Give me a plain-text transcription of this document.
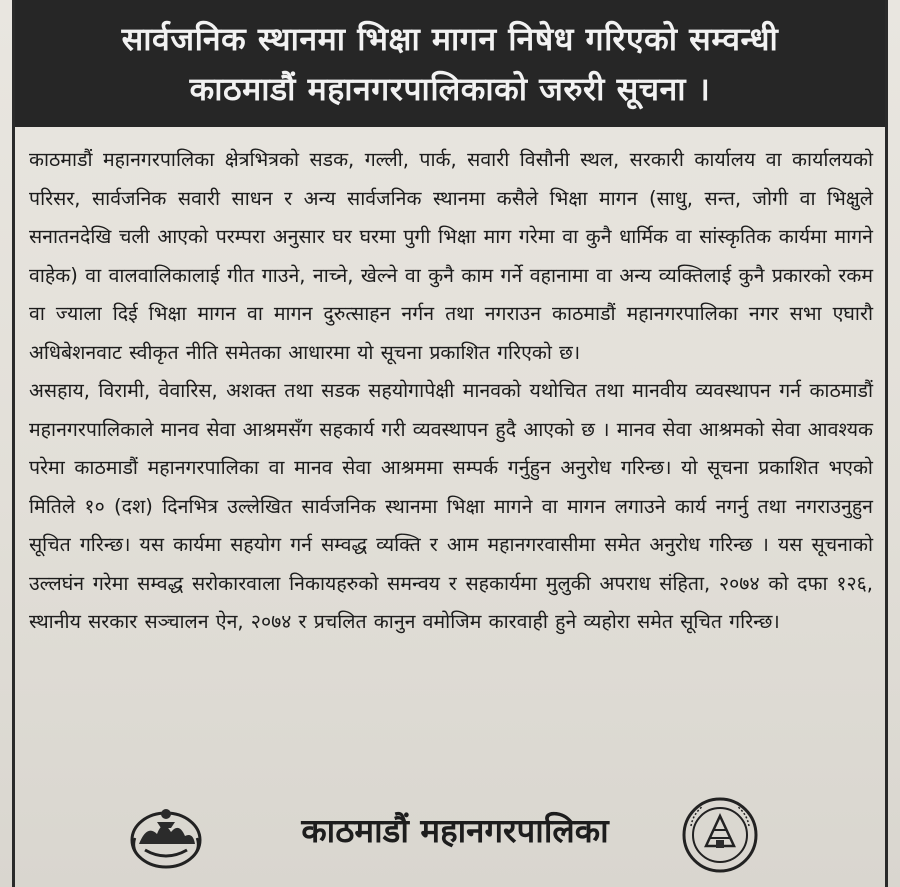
सार्वजनिक स्थानमा भिक्षा मागन निषेध गरिएको सम्वन्धी
काठमाडौं महानगरपालिकाको जरुरी सूचना ।

काठमाडौं महानगरपालिका क्षेत्रभित्रको सडक, गल्ली, पार्क, सवारी विसौनी स्थल, सरकारी कार्यालय वा कार्यालयको परिसर, सार्वजनिक सवारी साधन र अन्य सार्वजनिक स्थानमा कसैले भिक्षा मागन (साधु, सन्त, जोगी वा भिक्षुले सनातनदेखि चली आएको परम्परा अनुसार घर घरमा पुगी भिक्षा माग गरेमा वा कुनै धार्मिक वा सांस्कृतिक कार्यमा मागने वाहेक) वा वालवालिकालाई गीत गाउने, नाच्ने, खेल्ने वा कुनै काम गर्ने वहानामा वा अन्य व्यक्तिलाई कुनै प्रकारको रकम वा ज्याला दिई भिक्षा मागन वा मागन दुरुत्साहन नर्गन तथा नगराउन काठमाडौं महानगरपालिका नगर सभा एघारौ अधिबेशनवाट स्वीकृत नीति समेतका आधारमा यो सूचना प्रकाशित गरिएको छ।

असहाय, विरामी, वेवारिस, अशक्त तथा सडक सहयोगापेक्षी मानवको यथोचित तथा मानवीय व्यवस्थापन गर्न काठमाडौं महानगरपालिकाले मानव सेवा आश्रमसँग सहकार्य गरी व्यवस्थापन हुदै आएको छ । मानव सेवा आश्रमको सेवा आवश्यक परेमा काठमाडौं महानगरपालिका वा मानव सेवा आश्रममा सम्पर्क गर्नुहुन अनुरोध गरिन्छ। यो सूचना प्रकाशित भएको मितिले १० (दश) दिनभित्र उल्लेखित सार्वजनिक स्थानमा भिक्षा मागने वा मागन लगाउने कार्य नगर्नु तथा नगराउनुहुन सूचित गरिन्छ। यस कार्यमा सहयोग गर्न सम्वद्ध व्यक्ति र आम महानगरवासीमा समेत अनुरोध गरिन्छ । यस सूचनाको उल्लघंन गरेमा सम्वद्ध सरोकारवाला निकायहरुको समन्वय र सहकार्यमा मुलुकी अपराध संहिता, २०७४ को दफा १२६, स्थानीय सरकार सञ्चालन ऐन, २०७४ र प्रचलित कानुन वमोजिम कारवाही हुने व्यहोरा समेत सूचित गरिन्छ।

काठमाडौं महानगरपालिका
